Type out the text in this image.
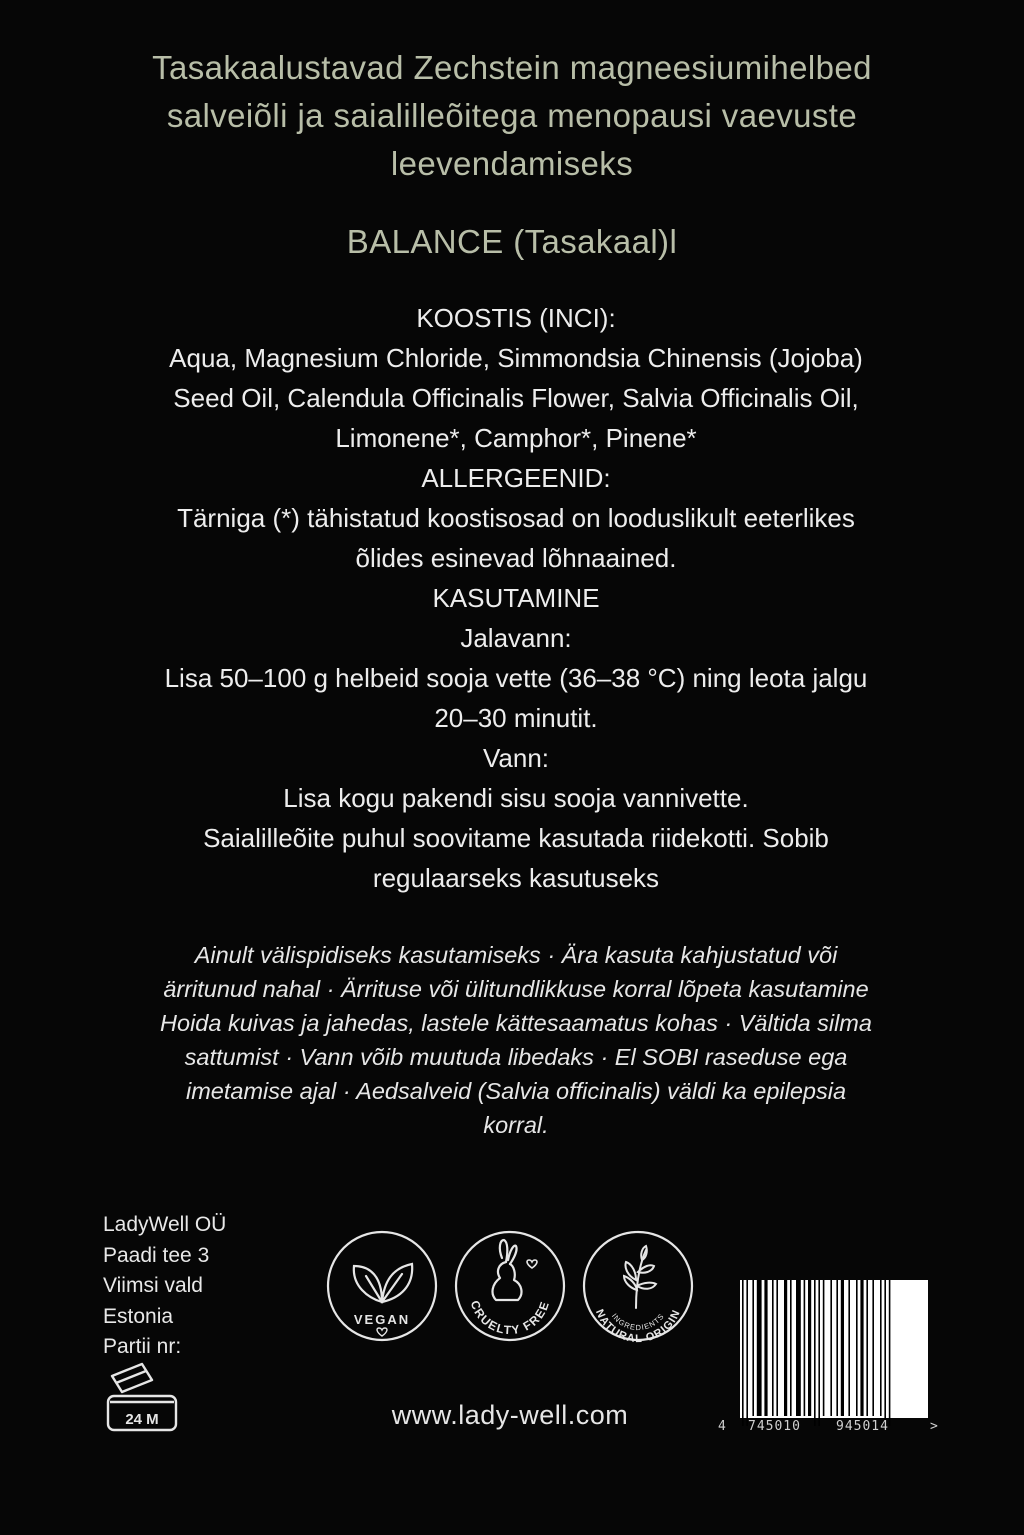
Tasakaalustavad Zechstein magneesiumihelbed
salveiõli ja saialilleõitega menopausi vaevuste
leevendamiseks
BALANCE (Tasakaal)l
KOOSTIS (INCI):
Aqua, Magnesium Chloride, Simmondsia Chinensis (Jojoba)
Seed Oil, Calendula Officinalis Flower, Salvia Officinalis Oil,
Limonene*, Camphor*, Pinene*
ALLERGEENID:
Tärniga (*) tähistatud koostisosad on looduslikult eeterlikes
õlides esinevad lõhnaained.
KASUTAMINE
Jalavann:
Lisa 50–100 g helbeid sooja vette (36–38 °C) ning leota jalgu
20–30 minutit.
Vann:
Lisa kogu pakendi sisu sooja vannivette.
Saialilleõite puhul soovitame kasutada riidekotti. Sobib
regulaarseks kasutuseks
Ainult välispidiseks kasutamiseks · Ära kasuta kahjustatud või
ärritunud nahal · Ärrituse või ülitundlikkuse korral lõpeta kasutamine
Hoida kuivas ja jahedas, lastele kättesaamatus kohas · Vältida silma
sattumist · Vann võib muutuda libedaks · El SOBI raseduse ega
imetamise ajal · Aedsalveid (Salvia officinalis) väldi ka epilepsia
korral.
LadyWell OÜ
Paadi tee 3
Viimsi vald
Estonia
Partii nr:
24 M
VEGAN
CRUELTY FREE
NATURAL ORIGIN
INGREDIENTS
www.lady-well.com	4 745010	945014	>
